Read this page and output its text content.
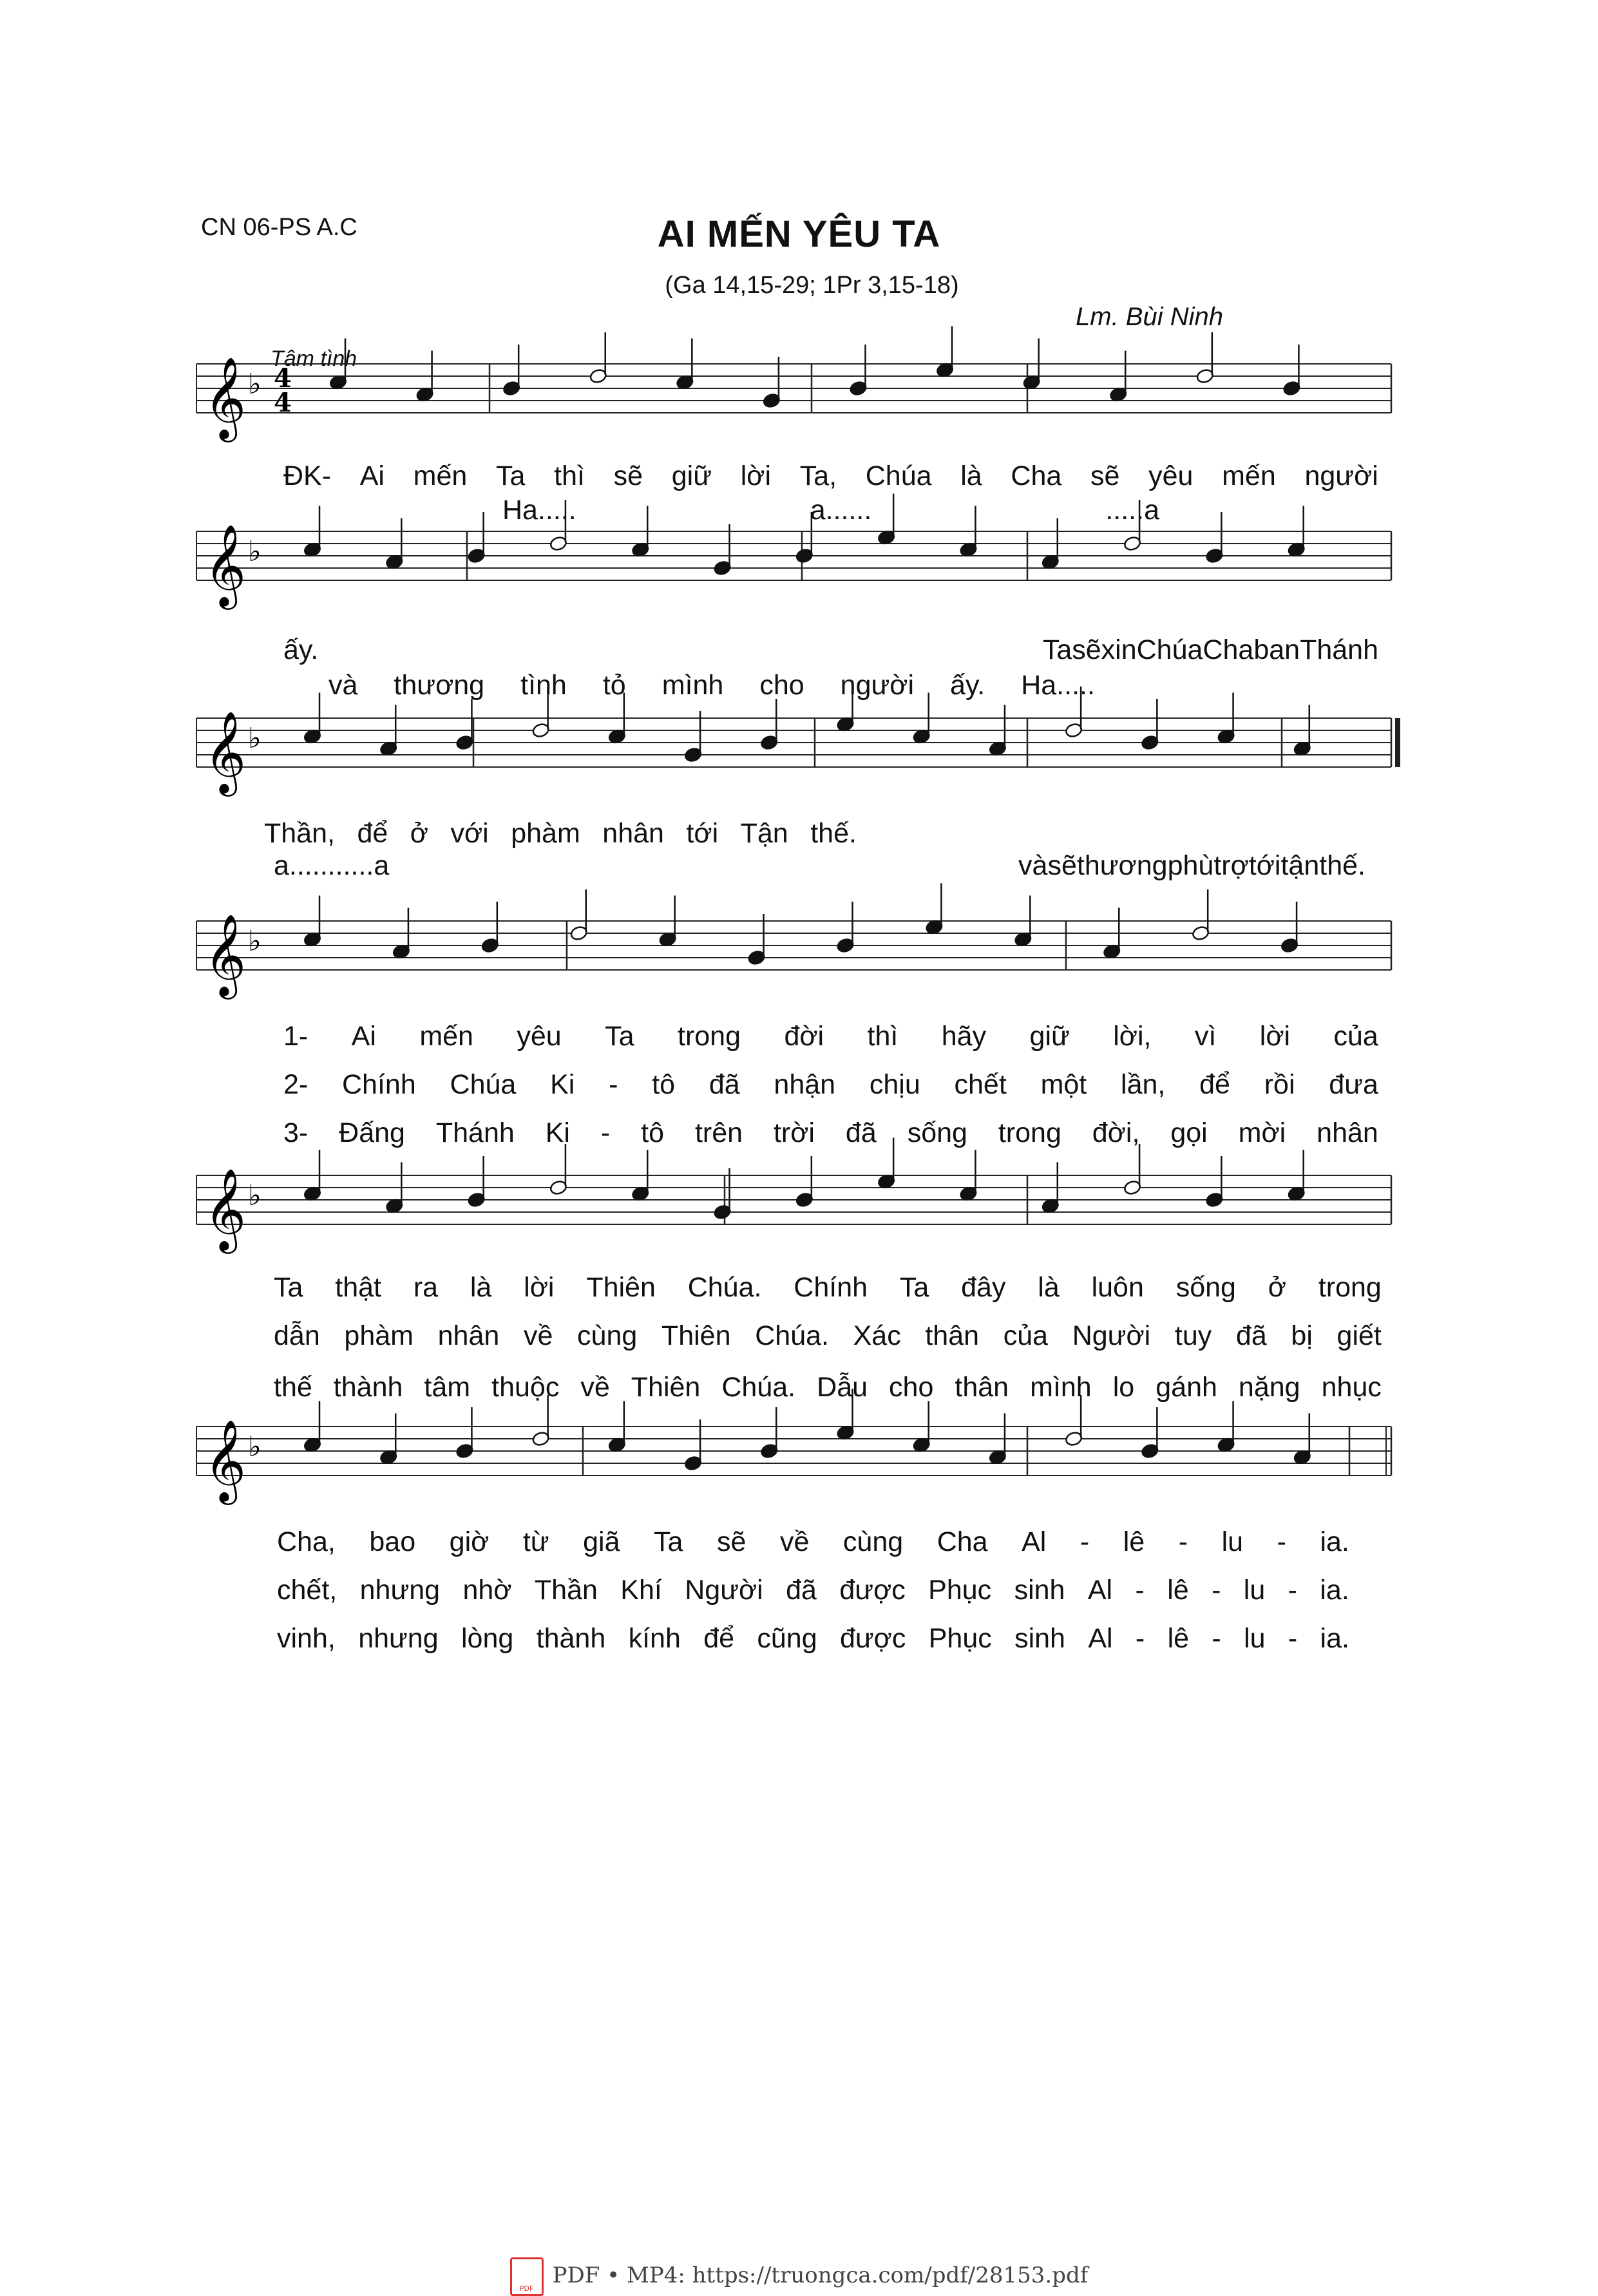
CN 06-PS A.C	AI MẾN YÊU TA
(Ga 14,15-29; 1Pr 3,15-18)
Lm. Bùi Ninh
Tâm tình
𝄞 ♭ 4
4
𝄞 ♭
𝄞 ♭
𝄞 ♭
𝄞 ♭
𝄞 ♭
ĐK- Ai mến Ta thì sẽ giữ lời Ta, Chúa là Cha sẽ yêu mến người
Ha.....	a......	.....a
ấy.	Ta sẽ xin Chúa Cha ban Thánh
và thương tình tỏ mình cho người ấy. Ha.....
Thần, để ở với phàm nhân tới Tận thế.
a...... .....a	và sẽ thương phù trợ tới tận thế.
1- Ai mến yêu Ta trong đời thì hãy giữ lời, vì lời của
2- Chính Chúa Ki - tô đã nhận chịu chết một lần, để rồi đưa
3- Đấng Thánh Ki - tô trên trời đã sống trong đời, gọi mời nhân
Ta thật ra là lời Thiên Chúa. Chính Ta đây là luôn sống ở trong
dẫn phàm nhân về cùng Thiên Chúa. Xác thân của Người tuy đã bị giết
thế thành tâm thuộc về Thiên Chúa. Dẫu cho thân mình lo gánh nặng nhục
Cha, bao giờ từ giã Ta sẽ về cùng Cha Al - lê - lu - ia.
chết, nhưng nhờ Thần Khí Người đã được Phục sinh Al - lê - lu - ia.
vinh, nhưng lòng thành kính để cũng được Phục sinh Al - lê - lu - ia.
PDF
PDF • MP4: https://truongca.com/pdf/28153.pdf
